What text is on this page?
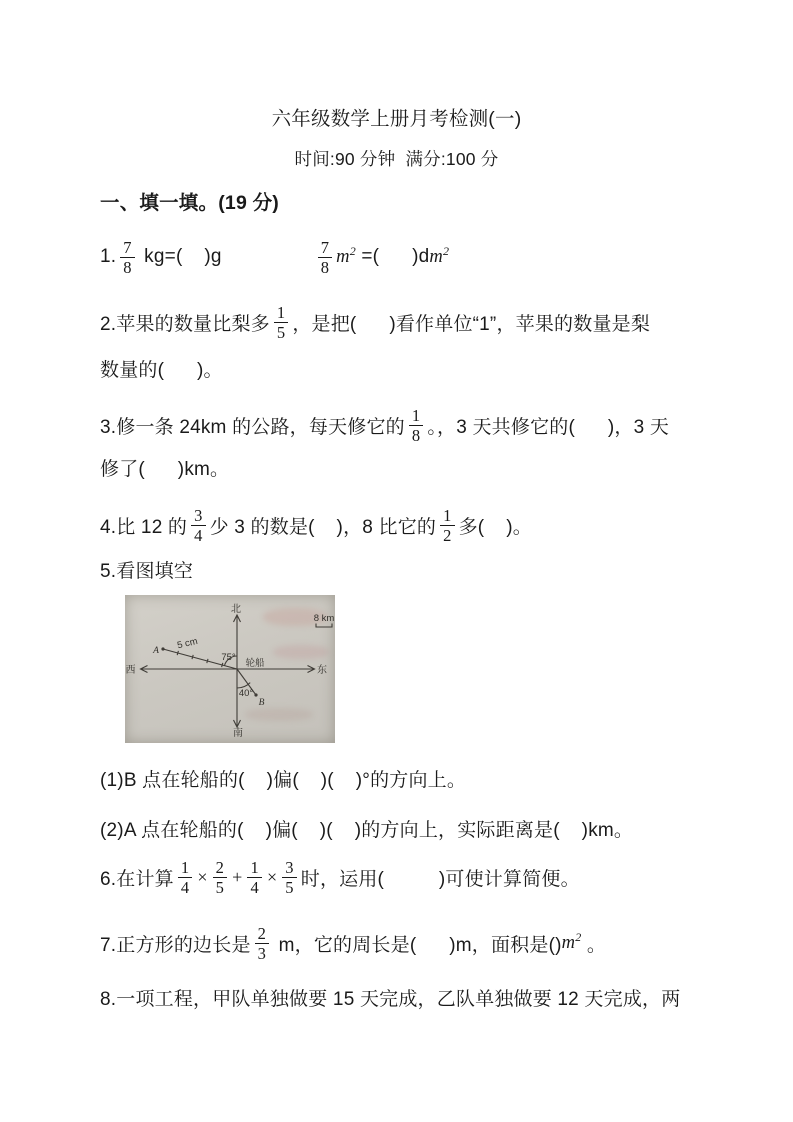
六年级数学上册月考检测(一)
时间:90 分钟  满分:100 分
一、填一填。(19 分)
1. $\frac{7}{8} kg=$(    )g	$\frac{7}{8} m^2$ =(      )d $m^2$
2.苹果的数量比梨多 $\frac{1}{5}$ ，是把(      )看作单位“1”，苹果的数量是梨
数量的(      )。
3.修一条 24km 的公路，每天修它的 $\frac{1}{8}$ 。，3 天共修它的(      )，3 天
修了(      )km。
4.比 12 的 $\frac{3}{4}$ 少 3 的数是(    )，8 比它的 $\frac{1}{2}$ 多(    )。
5.看图填空
北
南
西	东
轮船
A
B
5 cm
75°
40°
8 km
(1)B 点在轮船的(    )偏(    )(    )°的方向上。
(2)A 点在轮船的(    )偏(    )(    )的方向上，实际距离是(    )km。
6.在计算 $\frac{1}{4} \times \frac{2}{5} + \frac{1}{4} \times \frac{3}{5}$ 时，运用(          )可使计算简便。
7.正方形的边长是 $\frac{2}{3}$ m，它的周长是(      )m，面积是() $m^2$ 。
8.一项工程，甲队单独做要 15 天完成，乙队单独做要 12 天完成，两
